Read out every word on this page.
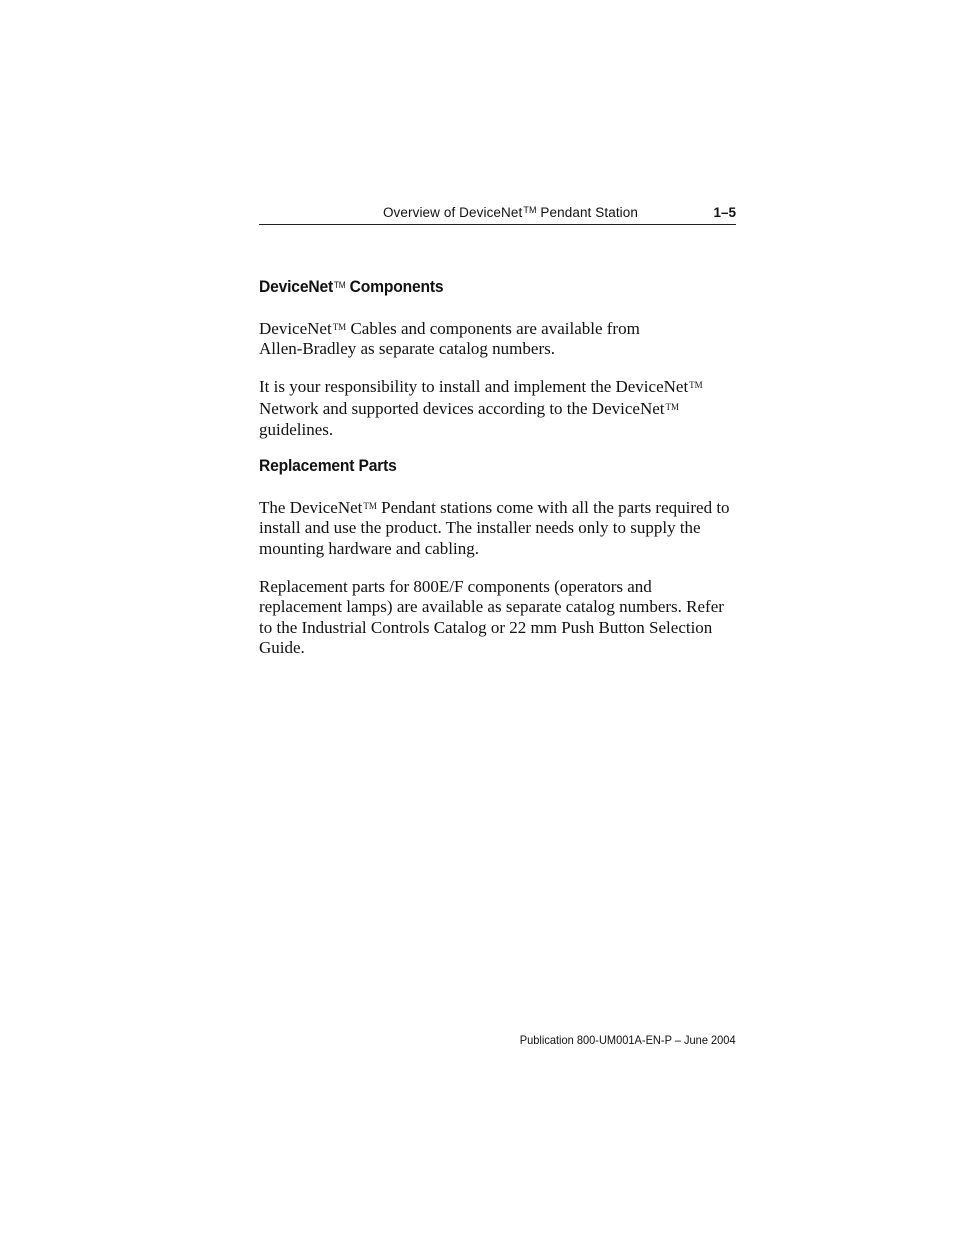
Overview of DeviceNet™ Pendant Station	1–5
DeviceNet™ Components

DeviceNet™ Cables and components are available from
Allen-Bradley as separate catalog numbers.

It is your responsibility to install and implement the DeviceNet™
Network and supported devices according to the DeviceNet™
guidelines.

Replacement Parts

The DeviceNet™ Pendant stations come with all the parts required to
install and use the product. The installer needs only to supply the
mounting hardware and cabling.

Replacement parts for 800E/F components (operators and
replacement lamps) are available as separate catalog numbers. Refer
to the Industrial Controls Catalog or 22 mm Push Button Selection
Guide.

Publication 800-UM001A-EN-P – June 2004
